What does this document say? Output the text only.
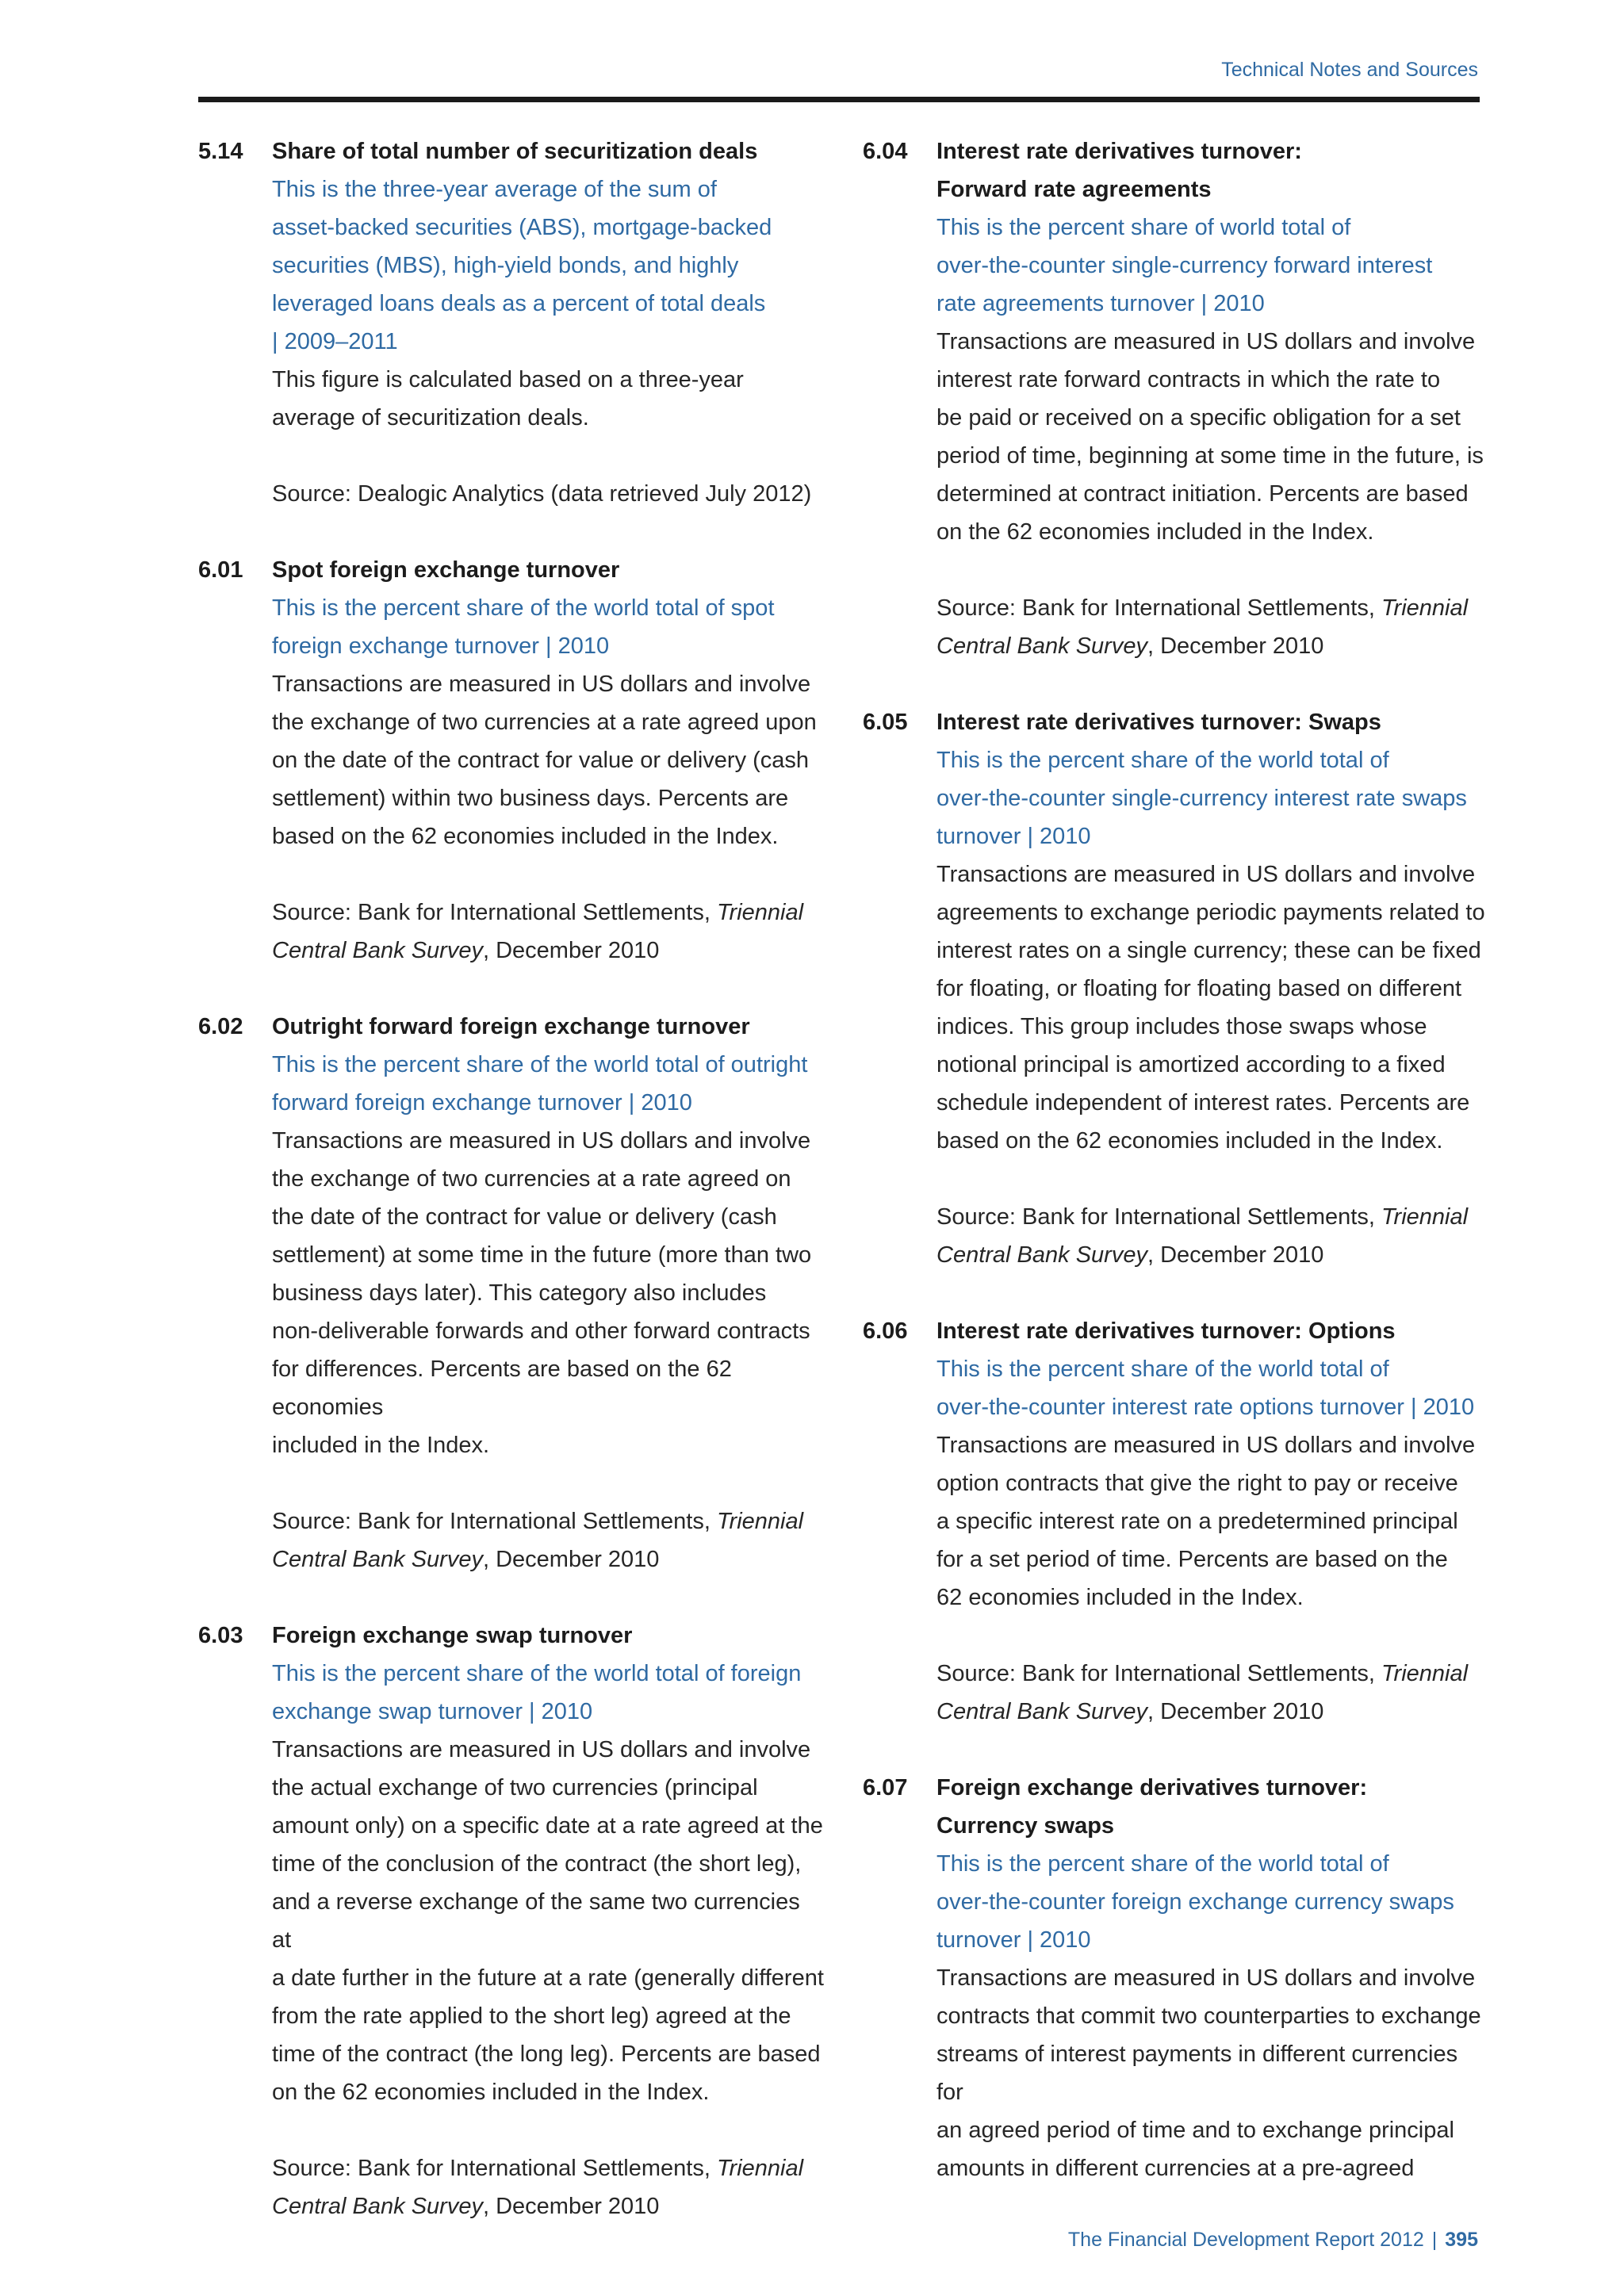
Technical Notes and Sources
5.14	Share of total number of securitization deals

This is the three-year average of the sum of

asset-backed securities (ABS), mortgage-backed

securities (MBS), high-yield bonds, and highly

leveraged loans deals as a percent of total deals

| 2009–2011

This figure is calculated based on a three-year

average of securitization deals.

Source: Dealogic Analytics (data retrieved July 2012)

6.01	Spot foreign exchange turnover

This is the percent share of the world total of spot

foreign exchange turnover | 2010

Transactions are measured in US dollars and involve

the exchange of two currencies at a rate agreed upon

on the date of the contract for value or delivery (cash

settlement) within two business days. Percents are

based on the 62 economies included in the Index.

Source: Bank for International Settlements, Triennial

Central Bank Survey, December 2010

6.02	Outright forward foreign exchange turnover

This is the percent share of the world total of outright

forward foreign exchange turnover | 2010

Transactions are measured in US dollars and involve

the exchange of two currencies at a rate agreed on

the date of the contract for value or delivery (cash

settlement) at some time in the future (more than two

business days later). This category also includes

non-deliverable forwards and other forward contracts

for differences. Percents are based on the 62 economies

included in the Index.

Source: Bank for International Settlements, Triennial

Central Bank Survey, December 2010

6.03	Foreign exchange swap turnover

This is the percent share of the world total of foreign

exchange swap turnover | 2010

Transactions are measured in US dollars and involve

the actual exchange of two currencies (principal

amount only) on a specific date at a rate agreed at the

time of the conclusion of the contract (the short leg),

and a reverse exchange of the same two currencies at

a date further in the future at a rate (generally different

from the rate applied to the short leg) agreed at the

time of the contract (the long leg). Percents are based

on the 62 economies included in the Index.

Source: Bank for International Settlements, Triennial

Central Bank Survey, December 2010

6.04	Interest rate derivatives turnover:

Forward rate agreements

This is the percent share of world total of

over-the-counter single-currency forward interest

rate agreements turnover | 2010

Transactions are measured in US dollars and involve

interest rate forward contracts in which the rate to

be paid or received on a specific obligation for a set

period of time, beginning at some time in the future, is

determined at contract initiation. Percents are based

on the 62 economies included in the Index.

Source: Bank for International Settlements, Triennial

Central Bank Survey, December 2010

6.05	Interest rate derivatives turnover: Swaps

This is the percent share of the world total of

over-the-counter single-currency interest rate swaps

turnover | 2010

Transactions are measured in US dollars and involve

agreements to exchange periodic payments related to

interest rates on a single currency; these can be fixed

for floating, or floating for floating based on different

indices. This group includes those swaps whose

notional principal is amortized according to a fixed

schedule independent of interest rates. Percents are

based on the 62 economies included in the Index.

Source: Bank for International Settlements, Triennial

Central Bank Survey, December 2010

6.06	Interest rate derivatives turnover: Options

This is the percent share of the world total of

over-the-counter interest rate options turnover | 2010

Transactions are measured in US dollars and involve

option contracts that give the right to pay or receive

a specific interest rate on a predetermined principal

for a set period of time. Percents are based on the

62 economies included in the Index.

Source: Bank for International Settlements, Triennial

Central Bank Survey, December 2010

6.07	Foreign exchange derivatives turnover:

Currency swaps

This is the percent share of the world total of

over-the-counter foreign exchange currency swaps

turnover | 2010

Transactions are measured in US dollars and involve

contracts that commit two counterparties to exchange

streams of interest payments in different currencies for

an agreed period of time and to exchange principal

amounts in different currencies at a pre-agreed

The Financial Development Report 2012 | 395
